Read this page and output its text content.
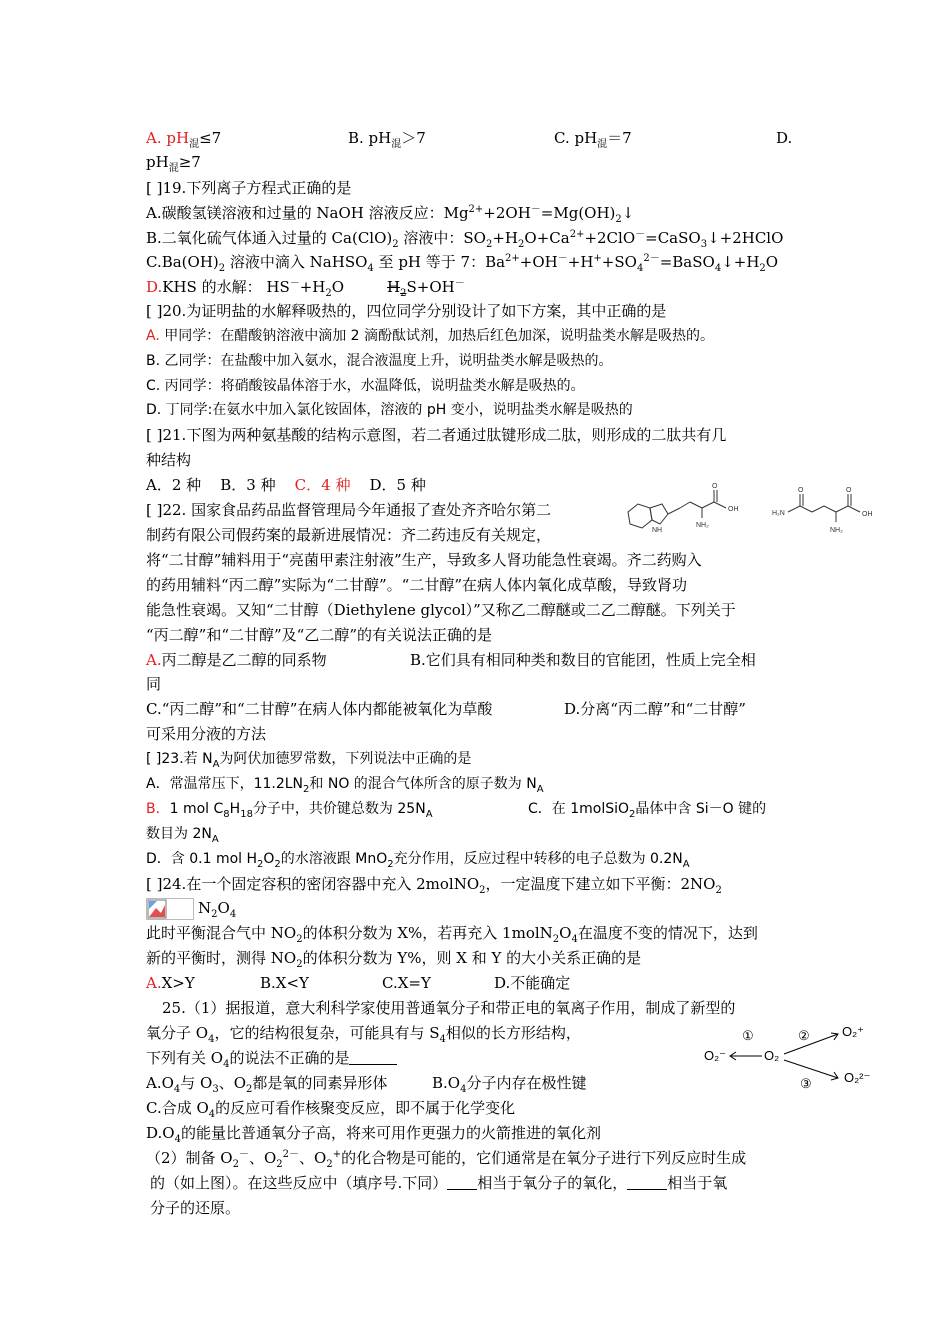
A. $pH_混\le 7$	B. $pH_混>7$	C. $pH_混=7$	D.
$pH_混\ge 7$
[ ]19.下列离子方程式正确的是
A.碳酸氢镁溶液和过量的 NaOH 溶液反应：$Mg^{2+}+2OH^-=Mg(OH)_2↓$
B.二氧化硫气体通入过量的 $Ca(ClO)_2$ 溶液中：$SO_2+H_2O+Ca^{2+}+2ClO^-=CaSO_3↓+2HClO$
$C.Ba(OH)_2$ 溶液中滴入 NaHSO$_4$ 至 pH 等于 7：$Ba^{2+}+OH^-+H^++SO_4^{2-}=BaSO_4↓+H_2O$
D.KHS 的水解： $HS^-+H_2O$	$H_2S+OH^-$
[ ]20.为证明盐的水解释吸热的，四位同学分别设计了如下方案，其中正确的是
A. 甲同学：在醋酸钠溶液中滴加 2 滴酚酞试剂，加热后红色加深，说明盐类水解是吸热的。
B. 乙同学：在盐酸中加入氨水，混合液温度上升，说明盐类水解是吸热的。
C. 丙同学：将硝酸铵晶体溶于水，水温降低，说明盐类水解是吸热的。
D. 丁同学:在氨水中加入氯化铵固体，溶液的 pH 变小，说明盐类水解是吸热的
[ ]21.下图为两种氨基酸的结构示意图，若二者通过肽键形成二肽，则形成的二肽共有几
种结构
A．2 种 B．3 种 C．4 种 D．5 种
[ ]22. 国家食品药品监督管理局今年通报了查处齐齐哈尔第二
制药有限公司假药案的最新进展情况：齐二药违反有关规定，
将“二甘醇”辅料用于“亮菌甲素注射液”生产，导致多人肾功能急性衰竭。齐二药购入
的药用辅料“丙二醇”实际为“二甘醇”。“二甘醇”在病人体内氧化成草酸，导致肾功
能急性衰竭。又知“二甘醇（Diethylene glycol）”又称乙二醇醚或二乙二醇醚。下列关于
“丙二醇”和“二甘醇”及“乙二醇”的有关说法正确的是
A.丙二醇是乙二醇的同系物	B.它们具有相同种类和数目的官能团，性质上完全相
同
C.“丙二醇”和“二甘醇”在病人体内都能被氧化为草酸	D.分离“丙二醇”和“二甘醇”
可采用分液的方法
NH
NH₂
OH
O
H₂N
O
NH₂
OH
O
[ ]23.若 $N_A$为阿伏加德罗常数，下列说法中正确的是
A．常温常压下，$11.2LN_2$和 NO 的混合气体所含的原子数为 $N_A$
B．1 mol $C_8H_{18}$分子中，共价键总数为 $25N_A$	C．在 1molSiO$_2$晶体中含 Si－O 键的
数目为 $2N_A$
D．含 0.1 mol $H_2O_2$的水溶液跟 MnO$_2$充分作用，反应过程中转移的电子总数为 $0.2N_A$
[ ]24.在一个固定容积的密闭容器中充入 2molNO$_2$，一定温度下建立如下平衡：$2NO_2$
$N_2O_4$
此时平衡混合气中 $NO_2$的体积分数为 X%，若再充入 $1molN_2O_4$在温度不变的情况下，达到
新的平衡时，测得 $NO_2$的体积分数为 Y%，则 X 和 Y 的大小关系正确的是
A.X>Y	B.X<Y	C.X=Y	D.不能确定
25.（1）据报道，意大利科学家使用普通氧分子和带正电的氧离子作用，制成了新型的
氧分子 $O_4$，它的结构很复杂，可能具有与 $S_4$相似的长方形结构，
下列有关 $O_4$的说法不正确的是
$A.O_4$与 $O_3$、$O_2$都是氧的同素异形体	$B.O_4$分子内存在极性键
C.合成 $O_4$的反应可看作核聚变反应，即不属于化学变化
$D.O_4$的能量比普通氧分子高，将来可用作更强力的火箭推进的氧化剂
（2）制备 $O_2^-$、$O_2^{2-}$、$O_2^+$的化合物是可能的，它们通常是在氧分子进行下列反应时生成
的（如上图）。在这些反应中（填序号.下同） 相当于氧分子的氧化，	相当于氧
分子的还原。
①	②
③
O₂⁻	O₂
O₂⁺
O₂²⁻
